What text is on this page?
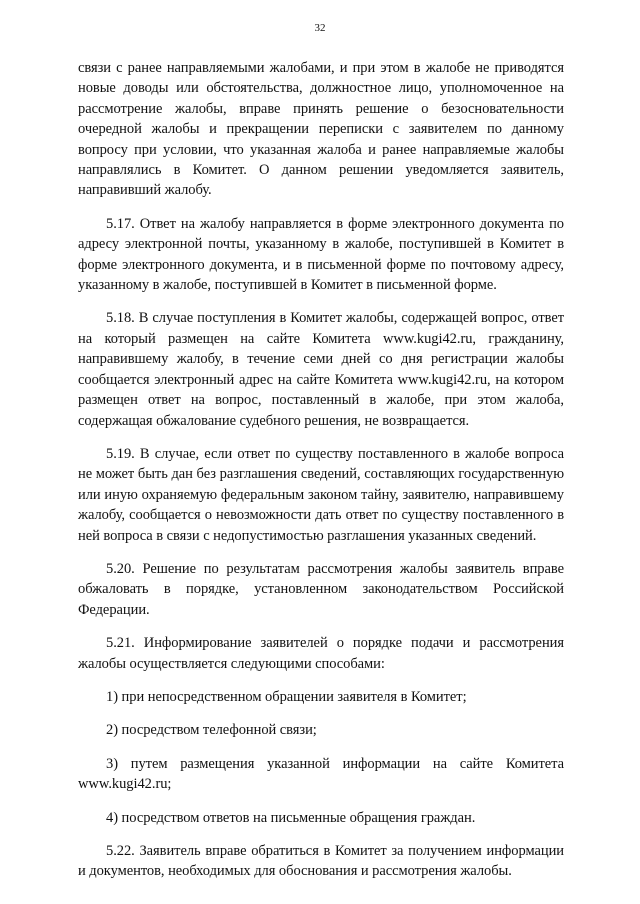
32

связи с ранее направляемыми жалобами, и при этом в жалобе не приводятся новые доводы или обстоятельства, должностное лицо, уполномоченное на рассмотрение жалобы, вправе принять решение о безосновательности очередной жалобы и прекращении переписки с заявителем по данному вопросу при условии, что указанная жалоба и ранее направляемые жалобы направлялись в Комитет. О данном решении уведомляется заявитель, направивший жалобу.

5.17. Ответ на жалобу направляется в форме электронного документа по адресу электронной почты, указанному в жалобе, поступившей в Комитет в форме электронного документа, и в письменной форме по почтовому адресу, указанному в жалобе, поступившей в Комитет в письменной форме.

5.18. В случае поступления в Комитет жалобы, содержащей вопрос, ответ на который размещен на сайте Комитета www.kugi42.ru, гражданину, направившему жалобу, в течение семи дней со дня регистрации жалобы сообщается электронный адрес на сайте Комитета www.kugi42.ru, на котором размещен ответ на вопрос, поставленный в жалобе, при этом жалоба, содержащая обжалование судебного решения, не возвращается.

5.19. В случае, если ответ по существу поставленного в жалобе вопроса не может быть дан без разглашения сведений, составляющих государственную или иную охраняемую федеральным законом тайну, заявителю, направившему жалобу, сообщается о невозможности дать ответ по существу поставленного в ней вопроса в связи с недопустимостью разглашения указанных сведений.

5.20. Решение по результатам рассмотрения жалобы заявитель вправе обжаловать в порядке, установленном законодательством Российской Федерации.

5.21. Информирование заявителей о порядке подачи и рассмотрения жалобы осуществляется следующими способами:

1) при непосредственном обращении заявителя в Комитет;

2) посредством телефонной связи;

3) путем размещения указанной информации на сайте Комитета www.kugi42.ru;

4) посредством ответов на письменные обращения граждан.

5.22. Заявитель вправе обратиться в Комитет за получением информации и документов, необходимых для обоснования и рассмотрения жалобы.
